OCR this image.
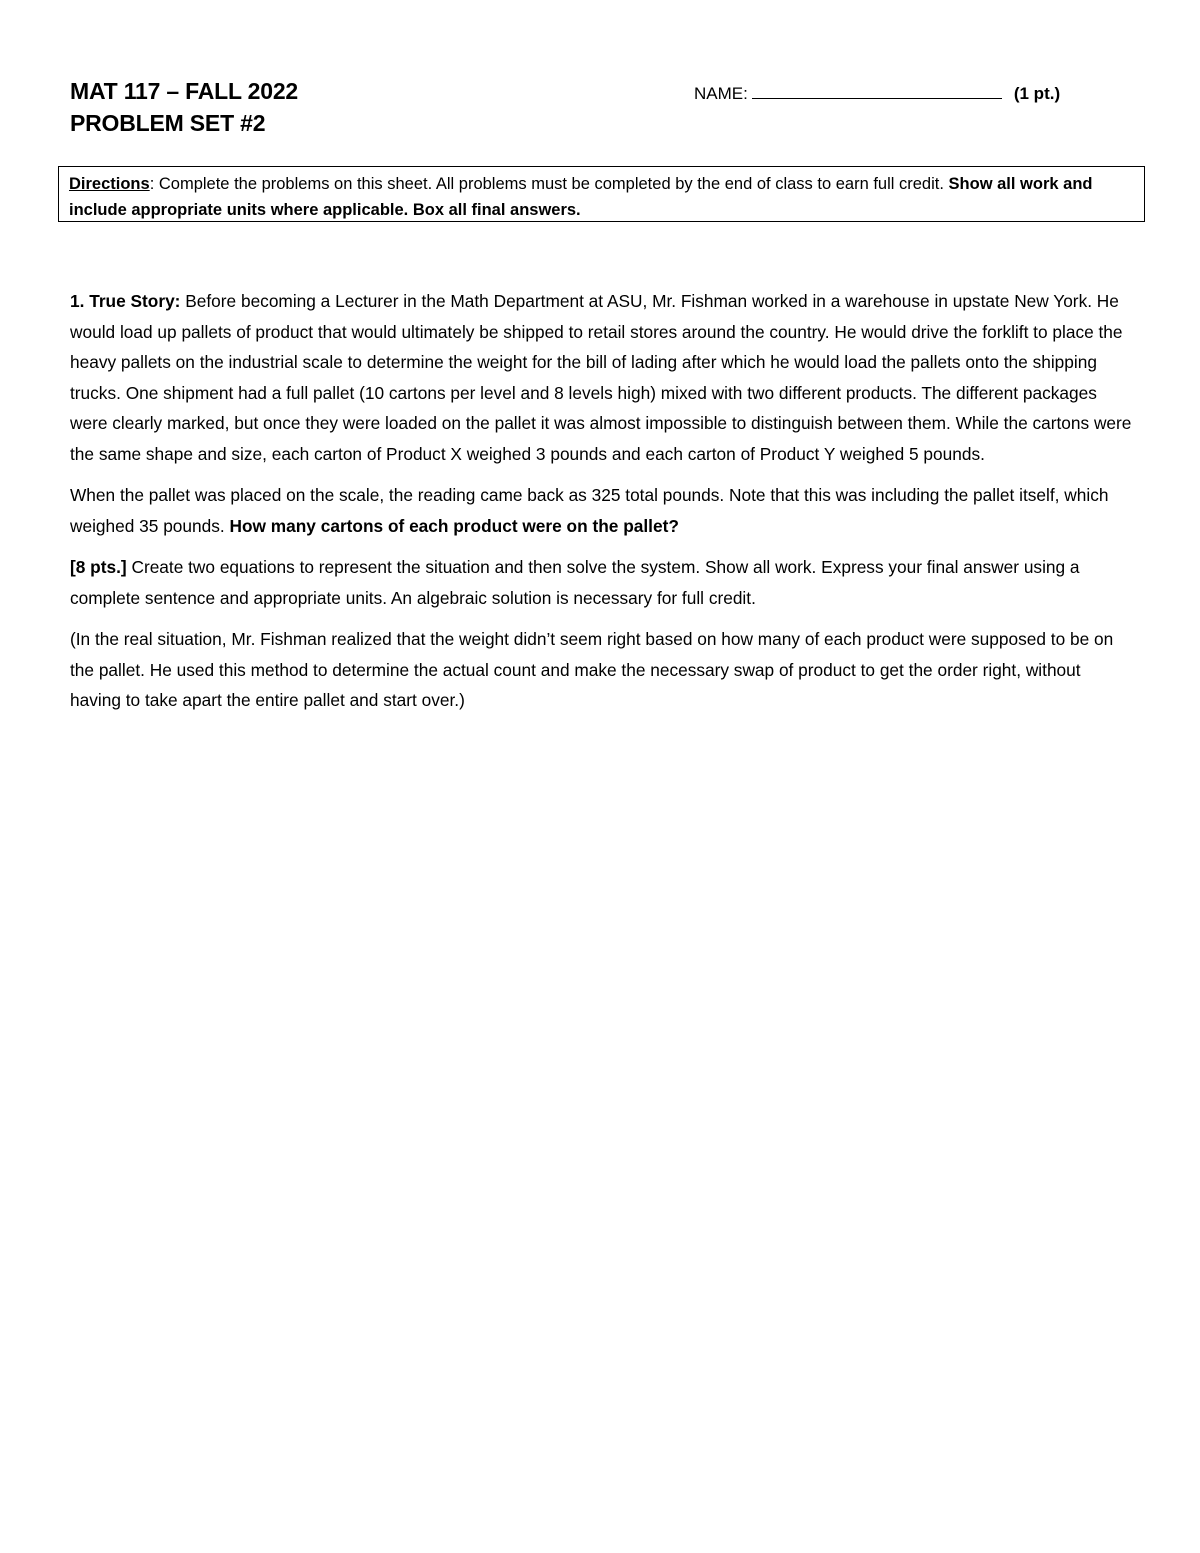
MAT 117 – FALL 2022
PROBLEM SET #2
NAME:	(1 pt.)
Directions: Complete the problems on this sheet. All problems must be completed by the end of class to earn full credit. Show all work and include appropriate units where applicable. Box all final answers.

1. True Story: Before becoming a Lecturer in the Math Department at ASU, Mr. Fishman worked in a warehouse in upstate New York. He would load up pallets of product that would ultimately be shipped to retail stores around the country. He would drive the forklift to place the heavy pallets on the industrial scale to determine the weight for the bill of lading after which he would load the pallets onto the shipping trucks. One shipment had a full pallet (10 cartons per level and 8 levels high) mixed with two different products. The different packages were clearly marked, but once they were loaded on the pallet it was almost impossible to distinguish between them. While the cartons were the same shape and size, each carton of Product X weighed 3 pounds and each carton of Product Y weighed 5 pounds.

When the pallet was placed on the scale, the reading came back as 325 total pounds. Note that this was including the pallet itself, which weighed 35 pounds. How many cartons of each product were on the pallet?

[8 pts.] Create two equations to represent the situation and then solve the system. Show all work. Express your final answer using a complete sentence and appropriate units. An algebraic solution is necessary for full credit.

(In the real situation, Mr. Fishman realized that the weight didn’t seem right based on how many of each product were supposed to be on the pallet. He used this method to determine the actual count and make the necessary swap of product to get the order right, without having to take apart the entire pallet and start over.)
